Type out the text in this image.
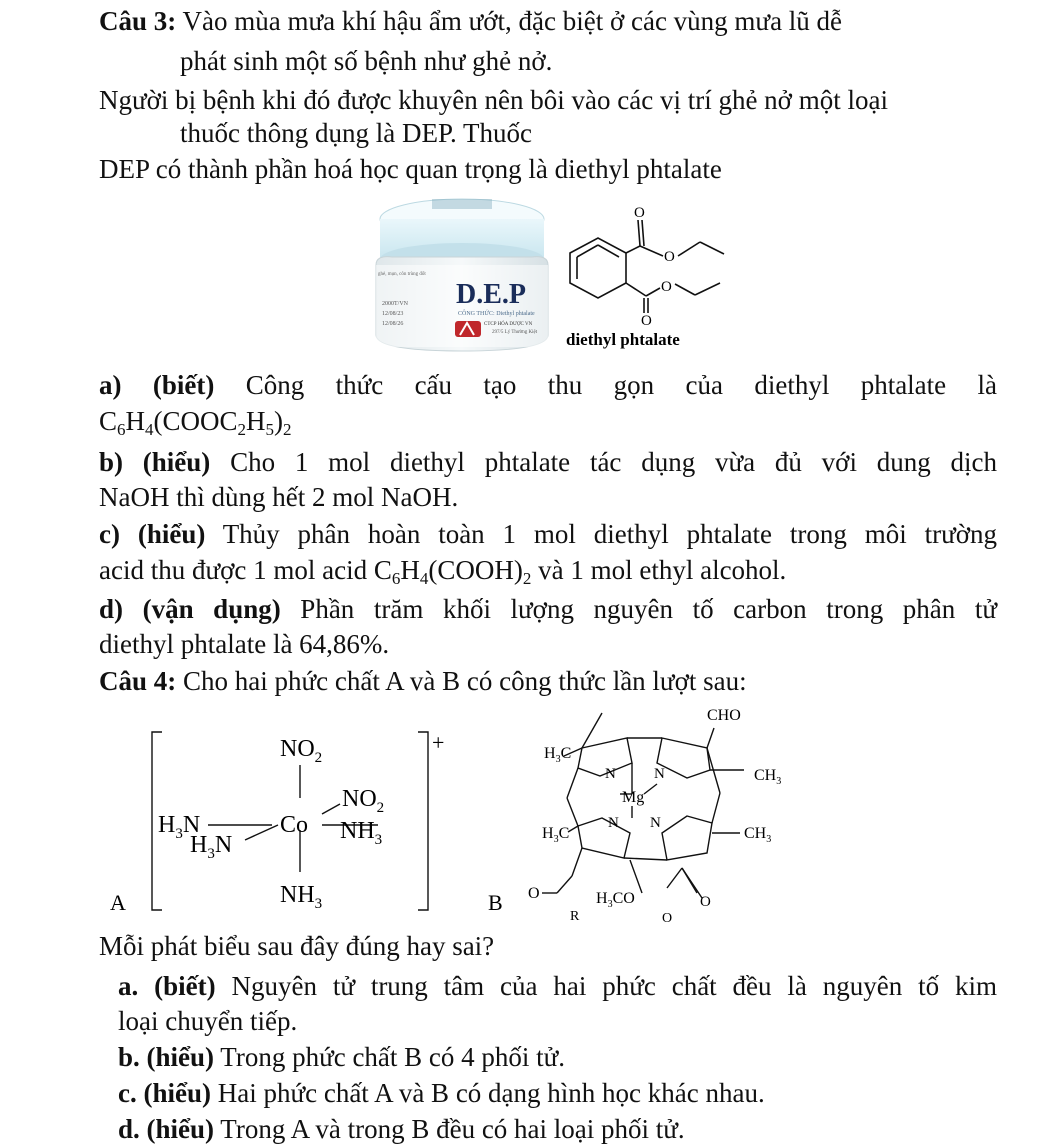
Câu 3: Vào mùa mưa khí hậu ẩm ướt, đặc biệt ở các vùng mưa lũ dễ
phát sinh một số bệnh như ghẻ nở.
Người bị bệnh khi đó được khuyên nên bôi vào các vị trí ghẻ nở một loại
thuốc thông dụng là DEP. Thuốc
DEP có thành phần hoá học quan trọng là diethyl phtalate
D.E.P
CÔNG THỨC: Diethyl phtalate
CTCP HÓA DƯỢC VN
297/5 Lý Thường Kiệt
2000T/VN
12/08/23
12/08/26
ghẻ, mụn, côn trùng đốt
O
O
O
O
diethyl phtalate
a) (biết) Công thức cấu tạo thu gọn của diethyl phtalate là
$C_6H_4(COOC_2H_5)_2$
b) (hiểu) Cho 1 mol diethyl phtalate tác dụng vừa đủ với dung dịch
NaOH thì dùng hết 2 mol NaOH.
c) (hiểu) Thủy phân hoàn toàn 1 mol diethyl phtalate trong môi trường
acid thu được 1 mol acid $C_6H_4(COOH)_2$ và 1 mol ethyl alcohol.
d) (vận dụng) Phần trăm khối lượng nguyên tố carbon trong phân tử
diethyl phtalate là 64,86%.
Câu 4: Cho hai phức chất A và B có công thức lần lượt sau:
$NO_2$
$NO_2$
Co $NH_3$
$H_3N$
$H_3N$
$NH_3$
+
A
CHO
$H_3C$
$CH_3$
Mg
N	N
N N
$H_3C$	$CH_3$
O	$H_3CO$	O
O
R
B
Mỗi phát biểu sau đây đúng hay sai?
a. (biết) Nguyên tử trung tâm của hai phức chất đều là nguyên tố kim
loại chuyển tiếp.
b. (hiểu) Trong phức chất B có 4 phối tử.
c. (hiểu) Hai phức chất A và B có dạng hình học khác nhau.
d. (hiểu) Trong A và trong B đều có hai loại phối tử.
